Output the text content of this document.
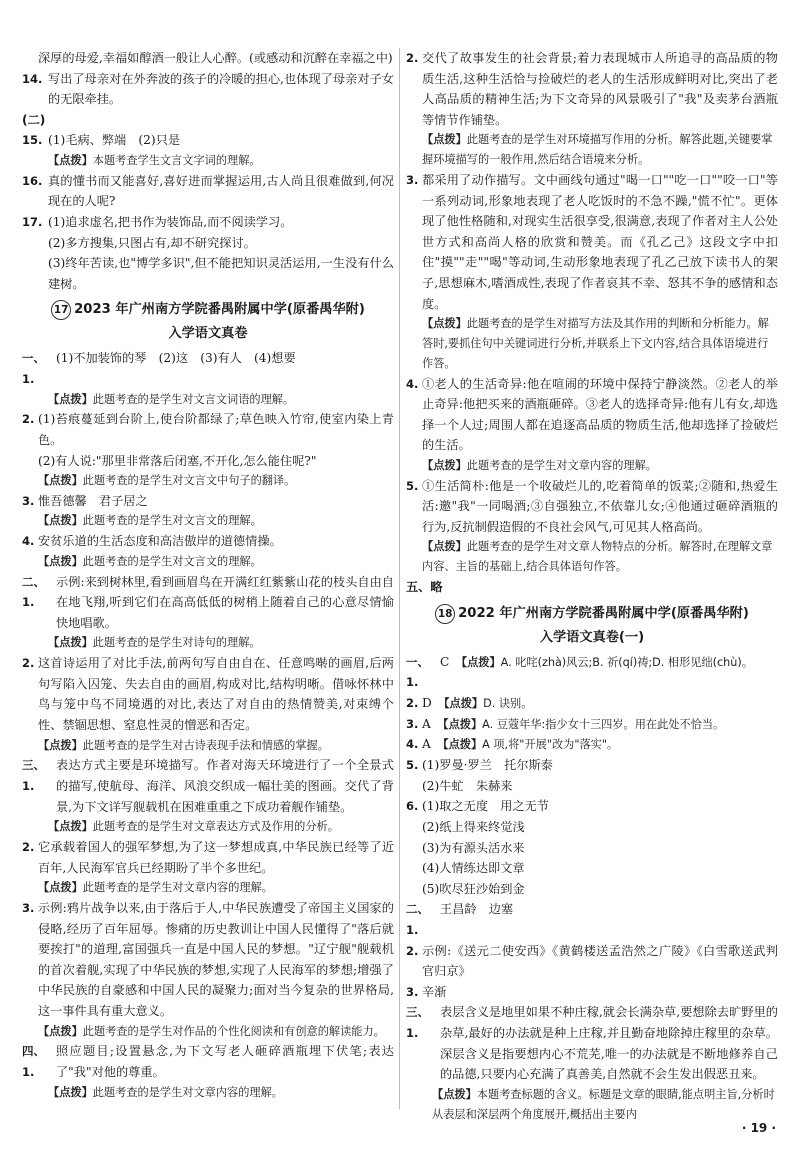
深厚的母爱,幸福如醇酒一般让人心醉。(或感动和沉醉在幸福之中)

14. 写出了母亲对在外奔波的孩子的冷暖的担心,也体现了母亲对子女的无限牵挂。

(二)

15. (1)毛病、弊端　(2)只是

【点拨】本题考查学生文言文字词的理解。

16. 真的懂书而又能喜好,喜好进而掌握运用,古人尚且很难做到,何况现在的人呢?

17. (1)追求虚名,把书作为装饰品,而不阅读学习。

(2)多方搜集,只图占有,却不研究探讨。

(3)终年苦读,也"博学多识",但不能把知识灵活运用,一生没有什么建树。

17 2023 年广州南方学院番禺附属中学(原番禺华附)
入学语文真卷

一、1.
(1)不加装饰的琴　(2)这　(3)有人　(4)想要

【点拨】此题考查的是学生对文言文词语的理解。

2. (1)苔痕蔓延到台阶上,使台阶都绿了;草色映入竹帘,使室内染上青色。

(2)有人说:"那里非常落后闭塞,不开化,怎么能住呢?"

【点拨】此题考查的是学生对文言文中句子的翻译。

3. 惟吾德馨　君子居之

【点拨】此题考查的是学生对文言文的理解。

4. 安贫乐道的生活态度和高洁傲岸的道德情操。

【点拨】此题考查的是学生对文言文的理解。

二、1.
示例:来到树林里,看到画眉鸟在开满红红紫紫山花的枝头自由自在地飞翔,听到它们在高高低低的树梢上随着自己的心意尽情愉快地唱歌。

【点拨】此题考查的是学生对诗句的理解。

2. 这首诗运用了对比手法,前两句写自由自在、任意鸣啭的画眉,后两句写陷入囚笼、失去自由的画眉,构成对比,结构明晰。借咏怀林中鸟与笼中鸟不同境遇的对比,表达了对自由的热情赞美,对束缚个性、禁锢思想、窒息性灵的憎恶和否定。

【点拨】此题考查的是学生对古诗表现手法和情感的掌握。

三、1.
表达方式主要是环境描写。作者对海天环境进行了一个全景式的描写,使航母、海洋、风浪交织成一幅壮美的图画。交代了背景,为下文详写舰载机在困难重重之下成功着舰作铺垫。

【点拨】此题考查的是学生对文章表达方式及作用的分析。

2. 它承载着国人的强军梦想,为了这一梦想成真,中华民族已经等了近百年,人民海军官兵已经期盼了半个多世纪。

【点拨】此题考查的是学生对文章内容的理解。

3. 示例:鸦片战争以来,由于落后于人,中华民族遭受了帝国主义国家的侵略,经历了百年屈辱。惨痛的历史教训让中国人民懂得了"落后就要挨打"的道理,富国强兵一直是中国人民的梦想。"辽宁舰"舰载机的首次着舰,实现了中华民族的梦想,实现了人民海军的梦想;增强了中华民族的自豪感和中国人民的凝聚力;面对当今复杂的世界格局,这一事件具有重大意义。

【点拨】此题考查的是学生对作品的个性化阅读和有创意的解读能力。

四、1.
照应题目;设置悬念,为下文写老人砸碎酒瓶埋下伏笔;表达了"我"对他的尊重。

【点拨】此题考查的是学生对文章内容的理解。

2. 交代了故事发生的社会背景;着力表现城市人所追寻的高品质的物质生活,这种生活恰与捡破烂的老人的生活形成鲜明对比,突出了老人高品质的精神生活;为下文奇异的风景吸引了"我"及卖茅台酒瓶等情节作铺垫。

【点拨】此题考查的是学生对环境描写作用的分析。解答此题,关键要掌握环境描写的一般作用,然后结合语境来分析。

3. 都采用了动作描写。文中画线句通过"喝一口""吃一口""咬一口"等一系列动词,形象地表现了老人吃饭时的不急不躁,"慌不忙"。更体现了他性格随和,对现实生活很享受,很满意,表现了作者对主人公处世方式和高尚人格的欣赏和赞美。而《孔乙己》这段文字中扣住"摸""走""喝"等动词,生动形象地表现了孔乙己放下读书人的架子,思想麻木,嗜酒成性,表现了作者哀其不幸、怒其不争的感情和态度。

【点拨】此题考查的是学生对描写方法及其作用的判断和分析能力。解答时,要抓住句中关键词进行分析,并联系上下文内容,结合具体语境进行作答。

4. ①老人的生活奇异:他在喧闹的环境中保持宁静淡然。②老人的举止奇异:他把买来的酒瓶砸碎。③老人的选择奇异:他有儿有女,却选择一个人过;周围人都在追逐高品质的物质生活,他却选择了捡破烂的生活。

【点拨】此题考查的是学生对文章内容的理解。

5. ①生活简朴:他是一个收破烂儿的,吃着简单的饭菜;②随和,热爱生活:邀"我"一同喝酒;③自强独立,不依靠儿女;④他通过砸碎酒瓶的行为,反抗制假造假的不良社会风气,可见其人格高尚。

【点拨】此题考查的是学生对文章人物特点的分析。解答时,在理解文章内容、主旨的基础上,结合具体语句作答。

五、略

18 2022 年广州南方学院番禺附属中学(原番禺华附)
入学语文真卷(一)

一、1.
C　 【点拨】A. 叱咤(zhà)风云;B. 祈(qí)祷;D. 相形见绌(chù)。

2. D　 【点拨】D. 诀别。

3. A　 【点拨】A. 豆蔻年华:指少女十三四岁。用在此处不恰当。

4. A　 【点拨】A 项,将"开展"改为"落实"。

5. (1)罗曼·罗兰　托尔斯泰

(2)牛虻　朱赫来

6. (1)取之无度　用之无节

(2)纸上得来终觉浅

(3)为有源头活水来

(4)人情练达即文章

(5)吹尽狂沙始到金

二、1.
王昌龄　边塞

2. 示例:《送元二使安西》《黄鹤楼送孟浩然之广陵》《白雪歌送武判官归京》

3. 辛渐

三、1.
表层含义是地里如果不种庄稼,就会长满杂草,要想除去旷野里的杂草,最好的办法就是种上庄稼,并且勤奋地除掉庄稼里的杂草。深层含义是指要想内心不荒芜,唯一的办法就是不断地修养自己的品德,只要内心充满了真善美,自然就不会生发出假恶丑来。

【点拨】本题考查标题的含义。标题是文章的眼睛,能点明主旨,分析时从表层和深层两个角度展开,概括出主要内

· 19 ·
